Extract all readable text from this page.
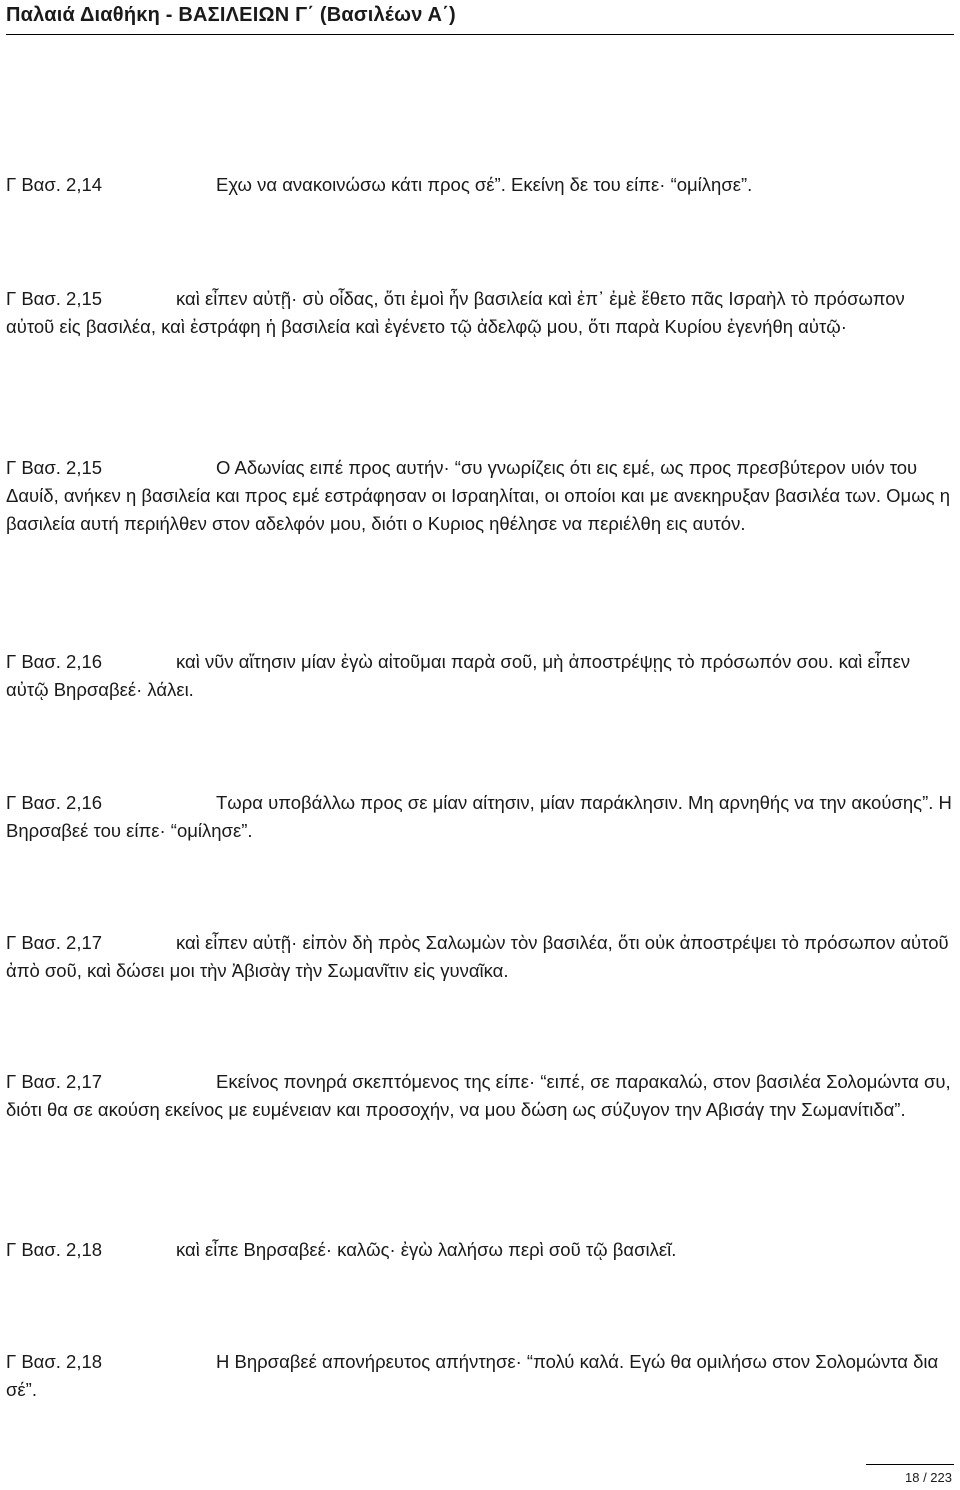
Παλαιά Διαθήκη - ΒΑΣΙΛΕΙΩΝ Γ΄ (Βασιλέων Α΄)
Γ Βασ. 2,14	Εχω να ανακοινώσω κάτι προς σέ”. Εκείνη δε του είπε· “ομίλησε”.
Γ Βασ. 2,15	καὶ εἶπεν αὐτῇ· σὺ οἶδας, ὅτι ἐμοὶ ἦν βασιλεία καὶ ἐπ᾿ ἐμὲ ἔθετο πᾶς Ισραὴλ τὸ πρόσωπον αὐτοῦ εἰς βασιλέα, καὶ ἐστράφη ἡ βασιλεία καὶ ἐγένετο τῷ ἀδελφῷ μου, ὅτι παρὰ Κυρίου ἐγενήθη αὐτῷ·
Γ Βασ. 2,15	Ο Αδωνίας ειπέ προς αυτήν· “συ γνωρίζεις ότι εις εμέ, ως προς πρεσβύτερον υιόν του Δαυίδ, ανήκεν η βασιλεία και προς εμέ εστράφησαν οι Ισραηλίται, οι οποίοι και με ανεκηρυξαν βασιλέα των. Ομως η βασιλεία αυτή περιήλθεν στον αδελφόν μου, διότι ο Κυριος ηθέλησε να περιέλθη εις αυτόν.
Γ Βασ. 2,16	καὶ νῦν αἴτησιν μίαν ἐγὼ αἰτοῦμαι παρὰ σοῦ, μὴ ἀποστρέψῃς τὸ πρόσωπόν σου. καὶ εἶπεν αὐτῷ Βηρσαβεέ· λάλει.
Γ Βασ. 2,16	Τωρα υποβάλλω προς σε μίαν αίτησιν, μίαν παράκλησιν. Μη αρνηθής να την ακούσης”. Η Βηρσαβεέ του είπε· “ομίλησε”.
Γ Βασ. 2,17	καὶ εἶπεν αὐτῇ· εἰπὸν δὴ πρὸς Σαλωμὼν τὸν βασιλέα, ὅτι οὐκ ἀποστρέψει τὸ πρόσωπον αὐτοῦ ἀπὸ σοῦ, καὶ δώσει μοι τὴν Ἀβισὰγ τὴν Σωμανῖτιν εἰς γυναῖκα.
Γ Βασ. 2,17	Εκείνος πονηρά σκεπτόμενος της είπε· “ειπέ, σε παρακαλώ, στον βασιλέα Σολομώντα συ, διότι θα σε ακούση εκείνος με ευμένειαν και προσοχήν, να μου δώση ως σύζυγον την Αβισάγ την Σωμανίτιδα”.
Γ Βασ. 2,18	καὶ εἶπε Βηρσαβεέ· καλῶς· ἐγὼ λαλήσω περὶ σοῦ τῷ βασιλεῖ.
Γ Βασ. 2,18	Η Βηρσαβεέ απονήρευτος απήντησε· “πολύ καλά. Εγώ θα ομιλήσω στον Σολομώντα δια σέ”.
18 / 223
